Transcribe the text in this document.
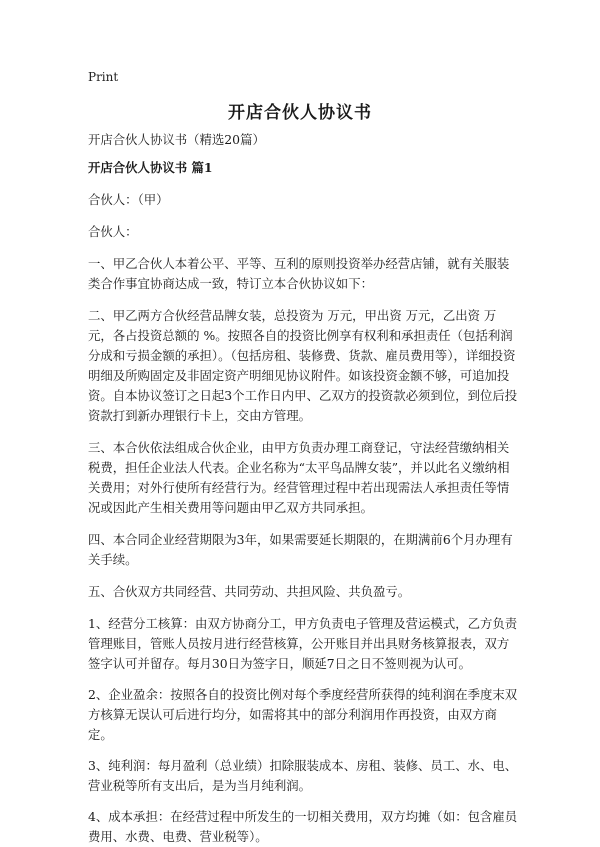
Print
开店合伙人协议书

开店合伙人协议书（精选20篇）

开店合伙人协议书 篇1

合伙人：（甲）

合伙人：

一、甲乙合伙人本着公平、平等、互利的原则投资举办经营店铺，就有关服装类合作事宜协商达成一致，特订立本合伙协议如下：

二、甲乙两方合伙经营品牌女装，总投资为 万元，甲出资 万元，乙出资 万元，各占投资总额的 %。按照各自的投资比例享有权利和承担责任（包括利润分成和亏损金额的承担）。（包括房租、装修费、货款、雇员费用等），详细投资明细及所购固定及非固定资产明细见协议附件。如该投资金额不够，可追加投资。自本协议签订之日起3个工作日内甲、乙双方的投资款必须到位，到位后投资款打到新办理银行卡上，交由方管理。

三、本合伙依法组成合伙企业，由甲方负责办理工商登记，守法经营缴纳相关税费，担任企业法人代表。企业名称为“太平鸟品牌女装”，并以此名义缴纳相关费用；对外行使所有经营行为。经营管理过程中若出现需法人承担责任等情况或因此产生相关费用等问题由甲乙双方共同承担。

四、本合同企业经营期限为3年，如果需要延长期限的，在期满前6个月办理有关手续。

五、合伙双方共同经营、共同劳动、共担风险、共负盈亏。

1、经营分工核算：由双方协商分工，甲方负责电子管理及营运模式，乙方负责管理账目，管账人员按月进行经营核算，公开账目并出具财务核算报表，双方签字认可并留存。每月30日为签字日，顺延7日之日不签则视为认可。

2、企业盈余：按照各自的投资比例对每个季度经营所获得的纯利润在季度末双方核算无误认可后进行均分，如需将其中的部分利润用作再投资，由双方商定。

3、纯利润：每月盈利（总业绩）扣除服装成本、房租、装修、员工、水、电、营业税等所有支出后，是为当月纯利润。

4、成本承担：在经营过程中所发生的一切相关费用，双方均摊（如：包含雇员费用、水费、电费、营业税等）。
